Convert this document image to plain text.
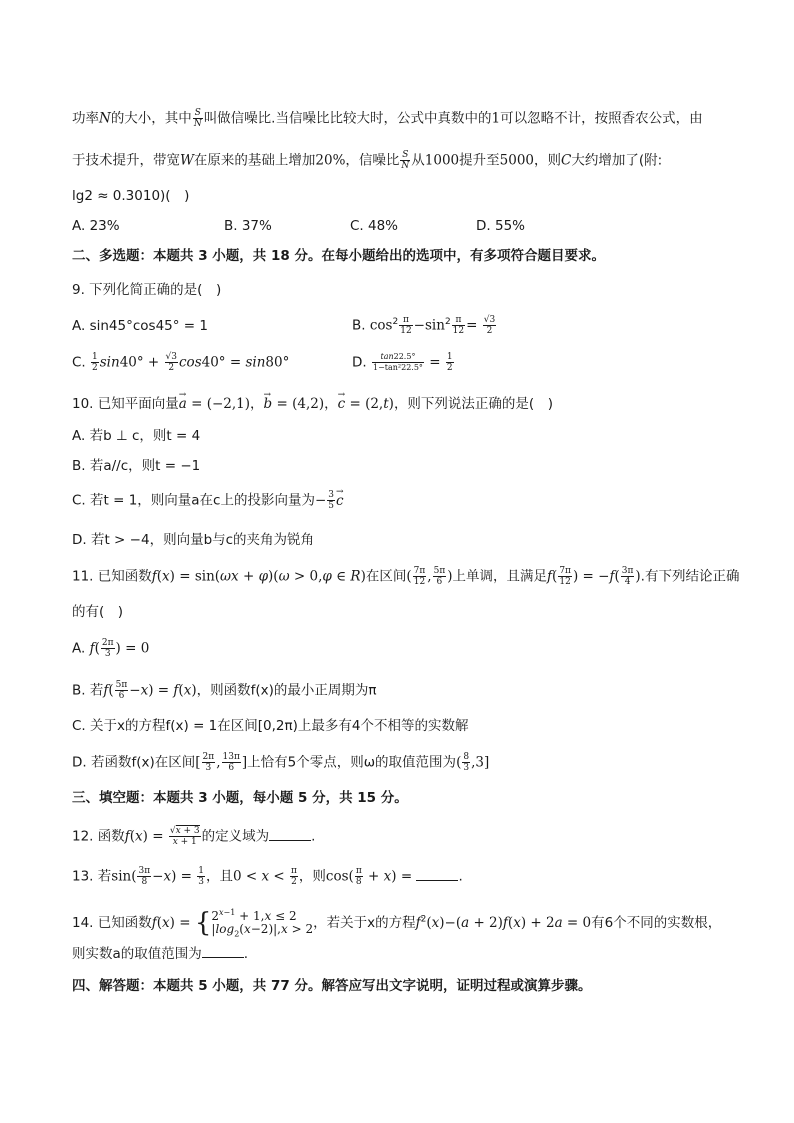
功率N的大小，其中 $\frac{S}{N}$ 叫做信噪比.当信噪比比较大时，公式中真数中的1可以忽略不计，按照香农公式，由
于技术提升，带宽W在原来的基础上增加20%，信噪比 $\frac{S}{N}$ 从1000提升至5000，则C大约增加了(附:
lg2 ≈ 0.3010)(　)
A. 23%	B. 37%	C. 48%	D. 55%
二、多选题：本题共 3 小题，共 18 分。在每小题给出的选项中，有多项符合题目要求。
9. 下列化简正确的是(　)
A. sin45°cos45° = 1	B. $\cos^2 \frac{\pi}{12} -\sin^2 \frac{\pi}{12} = \frac{√3}{2}$
C. $\frac{1}{2} \sin 40^\circ + \frac{√3}{2} \cos 40^\circ = \sin 80^\circ$	D. $\frac{\tan 22.5^\circ}{\text{1−tan²22.5°}} = \frac{1}{2}$
10. 已知平面向量→ a = (−2,1)，→ b = (4,2)，→ c = (2,t)，则下列说法正确的是(　)
A. 若b ⊥ c，则t = 4
B. 若a//c，则t = −1
C. 若t = 1，则向量a在c上的投影向量为− $\frac{3}{5}$
→ c
D. 若t > −4，则向量b与c的夹角为锐角
11. 已知函数f(x) = sin(ωx + φ)(ω > 0,φ ∈ R)在区间( $\frac{7\pi}{12}$ , $\frac{5\pi}{6}$ )上单调，且满足$f( \frac{7\pi}{12}$ ) = $-f( \frac{3\pi}{4}$ ).有下列结论正确
的有(　)
A. $f( \frac{2\pi}{3}$ ) = 0
B. 若$f( \frac{5\pi}{6} -x) = f(x)$，则函数f(x)的最小正周期为π
C. 关于x的方程f(x) = 1在区间[0,2π)上最多有4个不相等的实数解
D. 若函数f(x)在区间[ $\frac{2\pi}{3}$ , $\frac{13\pi}{6}$ ]上恰有5个零点，则ω的取值范围为( $\frac{8}{3} ,3$]
三、填空题：本题共 3 小题，每小题 5 分，共 15 分。
12. 函数$f(x) = \frac{√x + 3}{x + 1}$ 的定义域为	.
13. 若$\sin( \frac{3\pi}{8} -x) = \frac{1}{3}$ ，且$0 < x < \frac{\pi}{2}$ ，则$\cos( \frac{\pi}{8} + x)$ =	.
14. 已知函数f(x) = { $2^{x-1} + 1,x \le 2$
$|\log_2(x-2)|,x > 2$ ，若关于x的方程$f^2(x)-(a + 2)f(x) + 2a = 0$有6个不同的实数根，
则实数a的取值范围为	.
四、解答题：本题共 5 小题，共 77 分。解答应写出文字说明，证明过程或演算步骤。
